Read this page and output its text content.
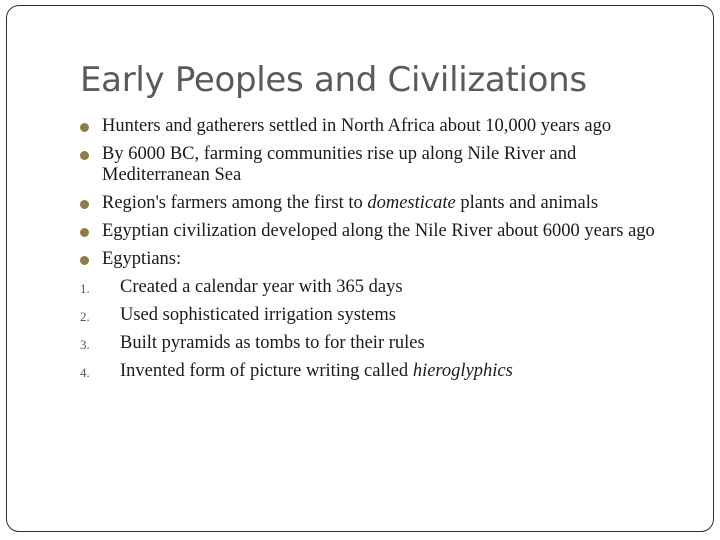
Early Peoples and Civilizations
Hunters and gatherers settled in North Africa about 10,000 years ago
By 6000 BC, farming communities rise up along Nile River and Mediterranean Sea
Region's farmers among the first to domesticate plants and animals
Egyptian civilization developed along the Nile River about 6000 years ago
Egyptians:
1. Created a calendar year with 365 days
2. Used sophisticated irrigation systems
3. Built pyramids as tombs to for their rules
4. Invented form of picture writing called hieroglyphics
